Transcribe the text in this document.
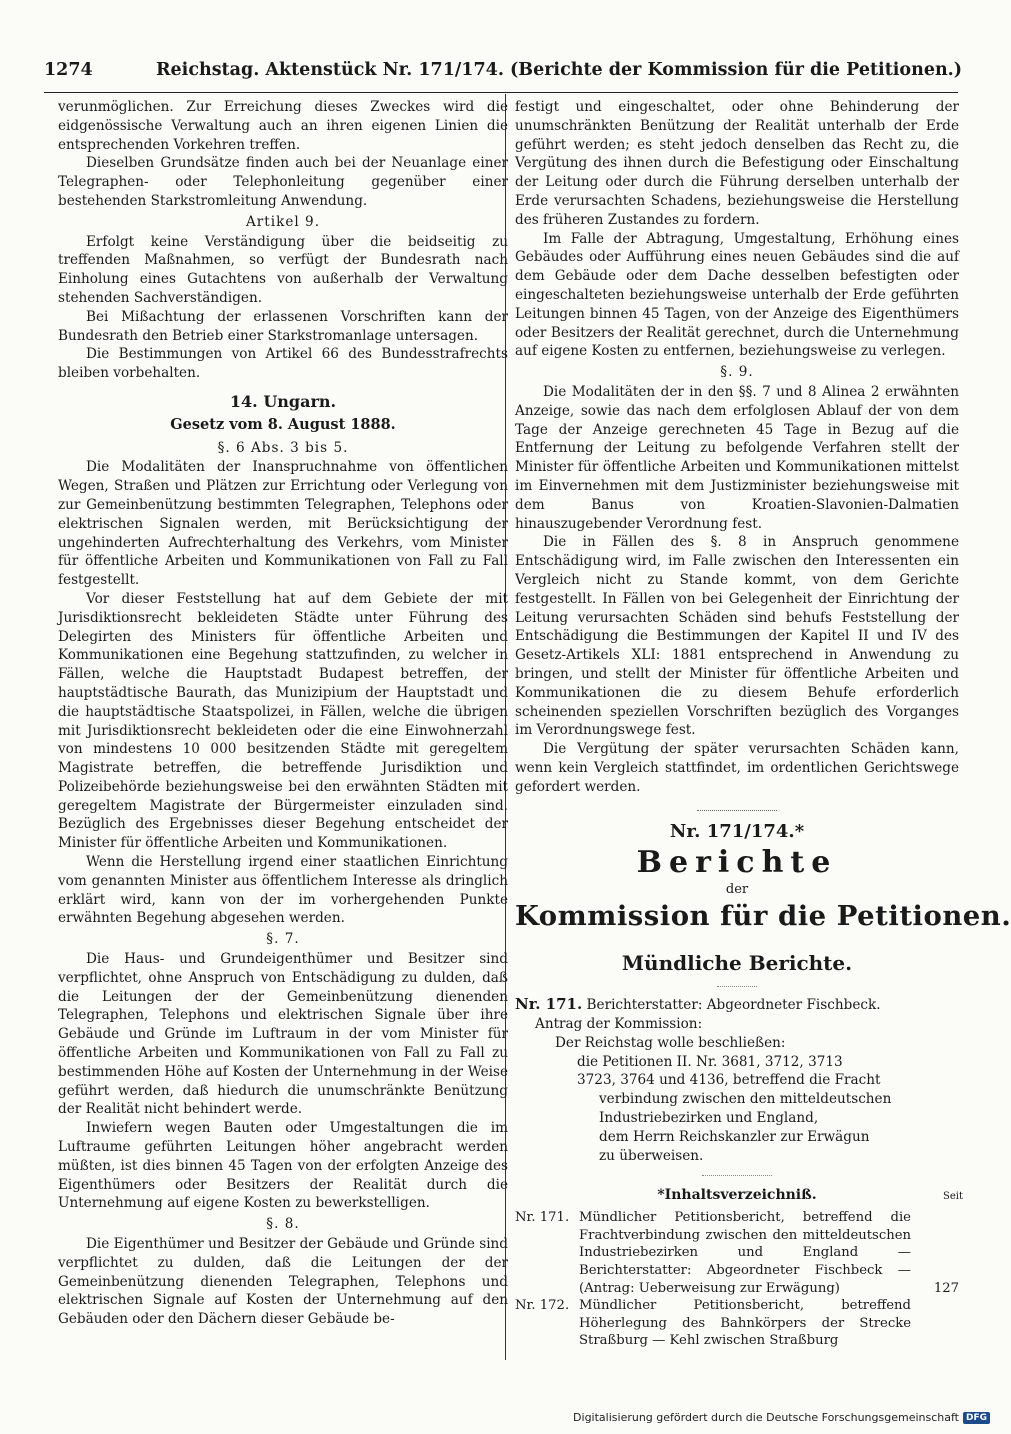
1274	Reichstag. Aktenstück Nr. 171/174. (Berichte der Kommission für die Petitionen.)

verunmöglichen. Zur Erreichung dieses Zweckes wird die eidgenössische Verwaltung auch an ihren eigenen Linien die entsprechenden Vorkehren treffen.

Dieselben Grundsätze finden auch bei der Neuanlage einer Telegraphen- oder Telephonleitung gegenüber einer bestehenden Starkstromleitung Anwendung.

Artikel 9.

Erfolgt keine Verständigung über die beidseitig zu treffenden Maßnahmen, so verfügt der Bundesrath nach Einholung eines Gutachtens von außerhalb der Verwaltung stehenden Sachverständigen.

Bei Mißachtung der erlassenen Vorschriften kann der Bundesrath den Betrieb einer Starkstromanlage untersagen.

Die Bestimmungen von Artikel 66 des Bundesstrafrechts bleiben vorbehalten.

14. Ungarn.
Gesetz vom 8. August 1888.
§. 6 Abs. 3 bis 5.

Die Modalitäten der Inanspruchnahme von öffentlichen Wegen, Straßen und Plätzen zur Errichtung oder Verlegung von zur Gemeinbenützung bestimmten Telegraphen, Telephons oder elektrischen Signalen werden, mit Berücksichtigung der ungehinderten Aufrechterhaltung des Verkehrs, vom Minister für öffentliche Arbeiten und Kommunikationen von Fall zu Fall festgestellt.

Vor dieser Feststellung hat auf dem Gebiete der mit Jurisdiktionsrecht bekleideten Städte unter Führung des Delegirten des Ministers für öffentliche Arbeiten und Kommunikationen eine Begehung stattzufinden, zu welcher in Fällen, welche die Hauptstadt Budapest betreffen, der hauptstädtische Baurath, das Munizipium der Hauptstadt und die hauptstädtische Staatspolizei, in Fällen, welche die übrigen mit Jurisdiktionsrecht bekleideten oder die eine Einwohnerzahl von mindestens 10 000 besitzenden Städte mit geregeltem Magistrate betreffen, die betreffende Jurisdiktion und Polizeibehörde beziehungsweise bei den erwähnten Städten mit geregeltem Magistrate der Bürgermeister einzuladen sind. Bezüglich des Ergebnisses dieser Begehung entscheidet der Minister für öffentliche Arbeiten und Kommunikationen.

Wenn die Herstellung irgend einer staatlichen Einrichtung vom genannten Minister aus öffentlichem Interesse als dringlich erklärt wird, kann von der im vorhergehenden Punkte erwähnten Begehung abgesehen werden.

§. 7.

Die Haus- und Grundeigenthümer und Besitzer sind verpflichtet, ohne Anspruch von Entschädigung zu dulden, daß die Leitungen der der Gemeinbenützung dienenden Telegraphen, Telephons und elektrischen Signale über ihre Gebäude und Gründe im Luftraum in der vom Minister für öffentliche Arbeiten und Kommunikationen von Fall zu Fall zu bestimmenden Höhe auf Kosten der Unternehmung in der Weise geführt werden, daß hiedurch die unumschränkte Benützung der Realität nicht behindert werde.

Inwiefern wegen Bauten oder Umgestaltungen die im Luftraume geführten Leitungen höher angebracht werden müßten, ist dies binnen 45 Tagen von der erfolgten Anzeige des Eigenthümers oder Besitzers der Realität durch die Unternehmung auf eigene Kosten zu bewerkstelligen.

§. 8.

Die Eigenthümer und Besitzer der Gebäude und Gründe sind verpflichtet zu dulden, daß die Leitungen der der Gemeinbenützung dienenden Telegraphen, Telephons und elektrischen Signale auf Kosten der Unternehmung auf den Gebäuden oder den Dächern dieser Gebäude be-

festigt und eingeschaltet, oder ohne Behinderung der unumschränkten Benützung der Realität unterhalb der Erde geführt werden; es steht jedoch denselben das Recht zu, die Vergütung des ihnen durch die Befestigung oder Einschaltung der Leitung oder durch die Führung derselben unterhalb der Erde verursachten Schadens, beziehungsweise die Herstellung des früheren Zustandes zu fordern.

Im Falle der Abtragung, Umgestaltung, Erhöhung eines Gebäudes oder Aufführung eines neuen Gebäudes sind die auf dem Gebäude oder dem Dache desselben befestigten oder eingeschalteten beziehungsweise unterhalb der Erde geführten Leitungen binnen 45 Tagen, von der Anzeige des Eigenthümers oder Besitzers der Realität gerechnet, durch die Unternehmung auf eigene Kosten zu entfernen, beziehungsweise zu verlegen.

§. 9.

Die Modalitäten der in den §§. 7 und 8 Alinea 2 erwähnten Anzeige, sowie das nach dem erfolglosen Ablauf der von dem Tage der Anzeige gerechneten 45 Tage in Bezug auf die Entfernung der Leitung zu befolgende Verfahren stellt der Minister für öffentliche Arbeiten und Kommunikationen mittelst im Einvernehmen mit dem Justizminister beziehungsweise mit dem Banus von Kroatien-Slavonien-Dalmatien hinauszugebender Verordnung fest.

Die in Fällen des §. 8 in Anspruch genommene Entschädigung wird, im Falle zwischen den Interessenten ein Vergleich nicht zu Stande kommt, von dem Gerichte festgestellt. In Fällen von bei Gelegenheit der Einrichtung der Leitung verursachten Schäden sind behufs Feststellung der Entschädigung die Bestimmungen der Kapitel II und IV des Gesetz-Artikels XLI: 1881 entsprechend in Anwendung zu bringen, und stellt der Minister für öffentliche Arbeiten und Kommunikationen die zu diesem Behufe erforderlich scheinenden speziellen Vorschriften bezüglich des Vorganges im Verordnungswege fest.

Die Vergütung der später verursachten Schäden kann, wenn kein Vergleich stattfindet, im ordentlichen Gerichtswege gefordert werden.

Nr. 171/174.*
Berichte
der
Kommission für die Petitionen.
Mündliche Berichte.

Nr. 171. Berichterstatter: Abgeordneter Fischbeck.

Antrag der Kommission:
Der Reichstag wolle beschließen:
die Petitionen II. Nr. 3681, 3712, 3713
3723, 3764 und 4136, betreffend die Fracht
verbindung zwischen den mitteldeutschen
Industriebezirken und England,
dem Herrn Reichskanzler zur Erwägun
zu überweisen.
*Inhaltsverzeichniß.	Seit
Nr. 171. Mündlicher Petitionsbericht, betreffend die Frachtverbindung zwischen den mitteldeutschen Industriebezirken und England — Berichterstatter: Abgeordneter Fischbeck — (Antrag: Ueberweisung zur Erwägung)	127
Nr. 172. Mündlicher Petitionsbericht, betreffend Höherlegung des Bahnkörpers der Strecke Straßburg — Kehl zwischen Straßburg
Digitalisierung gefördert durch die Deutsche Forschungsgemeinschaft DFG
